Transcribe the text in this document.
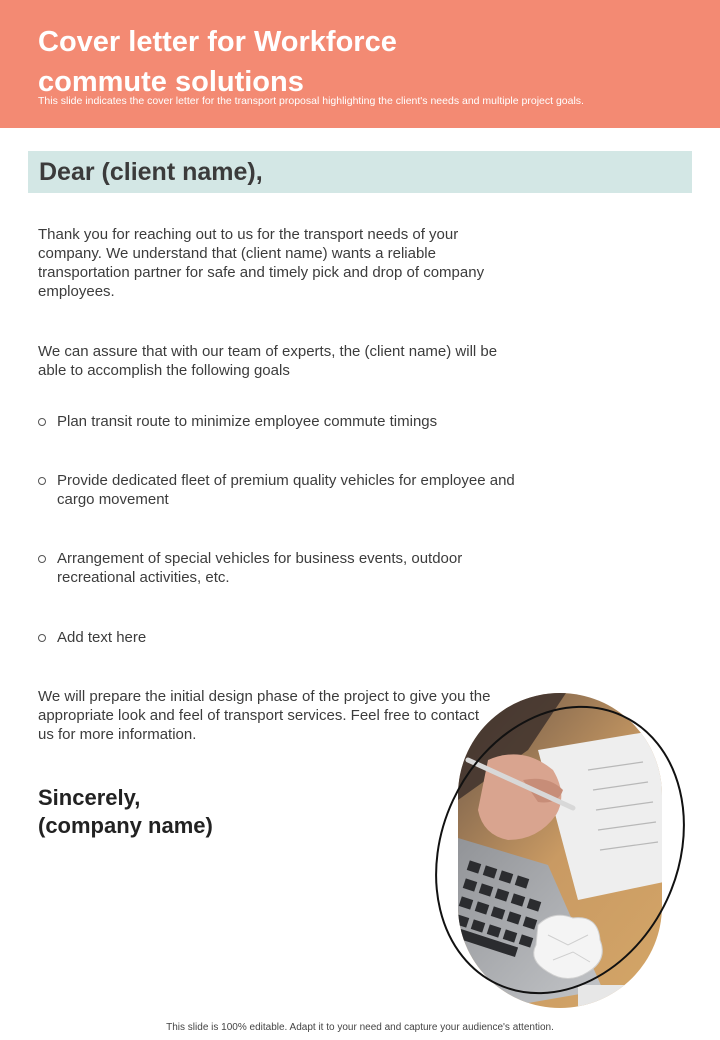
Cover letter for Workforce
commute solutions
This slide indicates the cover letter for the transport proposal highlighting the client's needs and multiple project goals.
Dear (client name),

Thank you for reaching out to us for the transport needs of your company. We understand that (client name) wants a reliable transportation partner for safe and timely pick and drop of company employees.

We can assure that with our team of experts, the (client name) will be able to accomplish the following goals

Plan transit route to minimize employee commute timings
Provide dedicated fleet of premium quality vehicles for employee and cargo movement
Arrangement of special vehicles for business events, outdoor recreational activities, etc.
Add text here

We will prepare the initial design phase of the project to give you the appropriate look and feel of transport services. Feel free to contact us for more information.

Sincerely,
(company name)
This slide is 100% editable. Adapt it to your need and capture your audience's attention.
